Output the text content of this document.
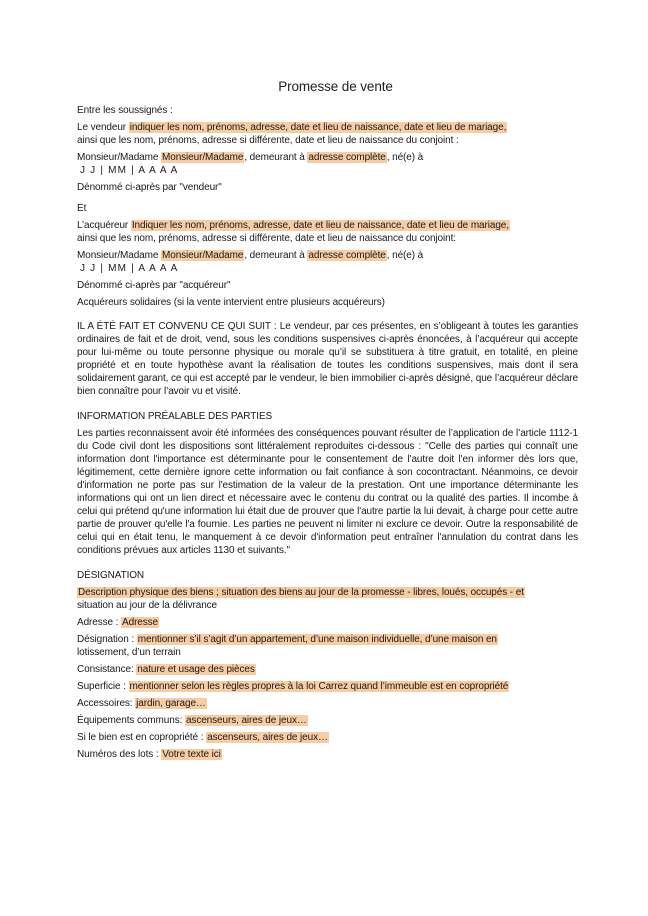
Promesse de vente

Entre les soussignés :

Le vendeur indiquer les nom, prénoms, adresse, date et lieu de naissance, date et lieu de mariage,

ainsi que les nom, prénoms, adresse si différente, date et lieu de naissance du conjoint :

Monsieur/Madame Monsieur/Madame, demeurant à adresse complète, né(e) à

J J | MM | A A A A

Dénommé ci-après par "vendeur"

Et

L’acquéreur Indiquer les nom, prénoms, adresse, date et lieu de naissance, date et lieu de mariage,

ainsi que les nom, prénoms, adresse si différente, date et lieu de naissance du conjoint:

Monsieur/Madame Monsieur/Madame, demeurant à adresse complète, né(e) à

J J | MM | A A A A

Dénommé ci-après par "acquéreur"

Acquéreurs solidaires (si la vente intervient entre plusieurs acquéreurs)

IL A ÉTÉ FAIT ET CONVENU CE QUI SUIT : Le vendeur, par ces présentes, en s’obligeant à toutes les garanties ordinaires de fait et de droit, vend, sous les conditions suspensives ci-après énoncées, à l’acquéreur qui accepte pour lui-même ou toute personne physique ou morale qu’il se substituera à titre gratuit, en totalité, en pleine propriété et en toute hypothèse avant la réalisation de toutes les conditions suspensives, mais dont il sera solidairement garant, ce qui est accepté par le vendeur, le bien immobilier ci-après désigné, que l’acquéreur déclare bien connaître pour l’avoir vu et visité.

INFORMATION PRÉALABLE DES PARTIES

Les parties reconnaissent avoir été informées des conséquences pouvant résulter de l’application de l’article 1112-1 du Code civil dont les dispositions sont littéralement reproduites ci-dessous : "Celle des parties qui connaît une information dont l'importance est déterminante pour le consentement de l'autre doit l'en informer dès lors que, légitimement, cette dernière ignore cette information ou fait confiance à son cocontractant. Néanmoins, ce devoir d'information ne porte pas sur l'estimation de la valeur de la prestation. Ont une importance déterminante les informations qui ont un lien direct et nécessaire avec le contenu du contrat ou la qualité des parties. Il incombe à celui qui prétend qu'une information lui était due de prouver que l'autre partie la lui devait, à charge pour cette autre partie de prouver qu'elle l'a fournie. Les parties ne peuvent ni limiter ni exclure ce devoir. Outre la responsabilité de celui qui en était tenu, le manquement à ce devoir d'information peut entraîner l'annulation du contrat dans les conditions prévues aux articles 1130 et suivants."

DÉSIGNATION

Description physique des biens ; situation des biens au jour de la promesse - libres, loués, occupés - et

situation au jour de la délivrance

Adresse : Adresse

Désignation : mentionner s’il s’agit d’un appartement, d’une maison individuelle, d’une maison en

lotissement, d’un terrain

Consistance: nature et usage des pièces

Superficie : mentionner selon les règles propres à la loi Carrez quand l’immeuble est en copropriété

Accessoires: jardin, garage…

Équipements communs: ascenseurs, aires de jeux…

Si le bien est en copropriété : ascenseurs, aires de jeux…

Numéros des lots : Votre texte ici
